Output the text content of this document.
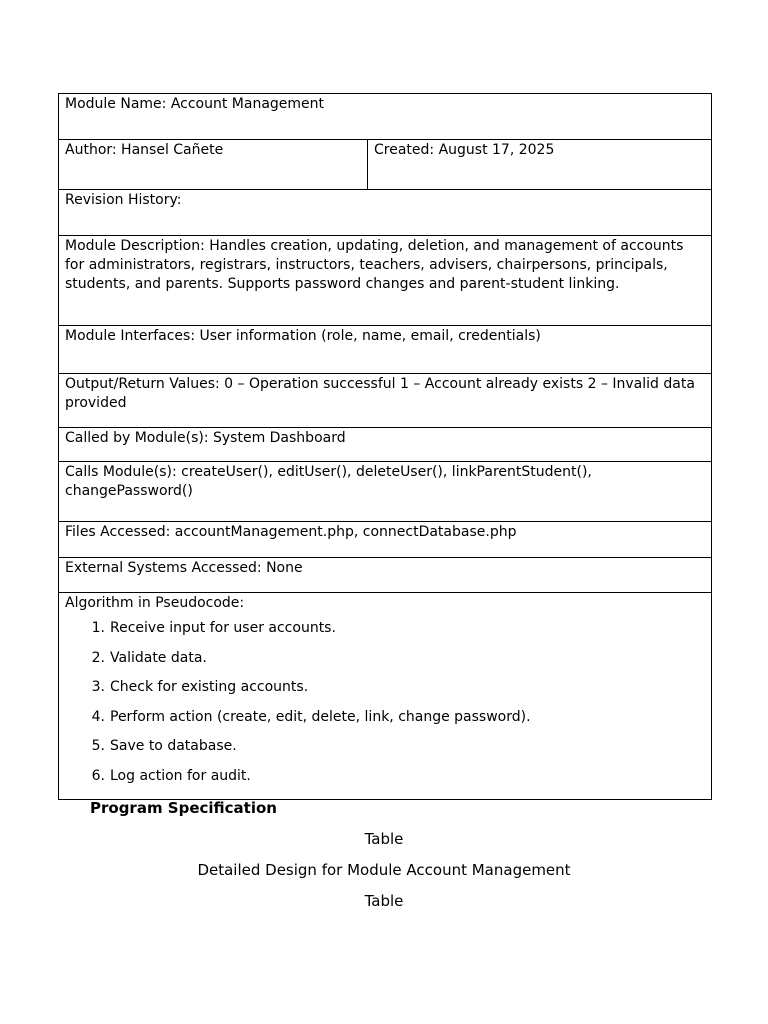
Module Name: Account Management
Author: Hansel Cañete	Created: August 17, 2025
Revision History:
Module Description: Handles creation, updating, deletion, and management of accounts for administrators, registrars, instructors, teachers, advisers, chairpersons, principals, students, and parents. Supports password changes and parent-student linking.
Module Interfaces: User information (role, name, email, credentials)
Output/Return Values: 0 – Operation successful 1 – Account already exists 2 – Invalid data provided
Called by Module(s): System Dashboard
Calls Module(s): createUser(), editUser(), deleteUser(), linkParentStudent(), changePassword()
Files Accessed: accountManagement.php, connectDatabase.php
External Systems Accessed: None

Algorithm in Pseudocode:
1. Receive input for user accounts.
2. Validate data.
3. Check for existing accounts.
4. Perform action (create, edit, delete, link, change password).
5. Save to database.
6. Log action for audit.
Program Specification
Table
Detailed Design for Module Account Management
Table
